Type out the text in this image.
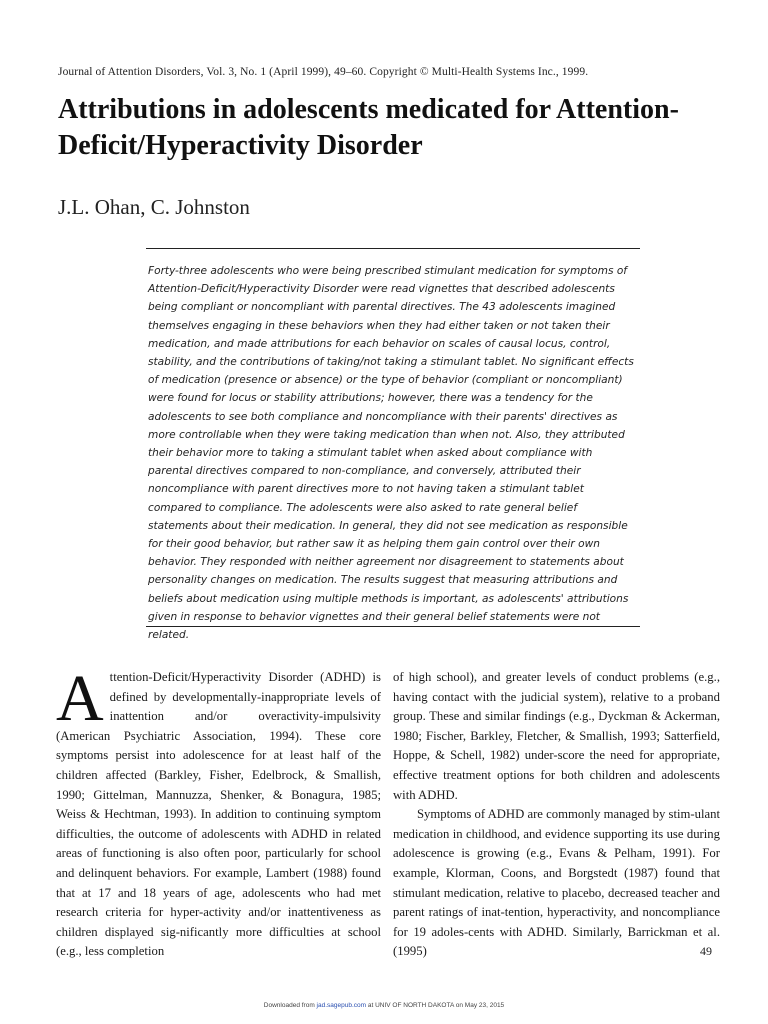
Journal of Attention Disorders, Vol. 3, No. 1 (April 1999), 49–60. Copyright © Multi-Health Systems Inc., 1999.
Attributions in adolescents medicated for Attention-Deficit/Hyperactivity Disorder
J.L. Ohan, C. Johnston

Forty-three adolescents who were being prescribed stimulant medication for symptoms of Attention-Deficit/Hyperactivity Disorder were read vignettes that described adolescents being compliant or noncompliant with parental directives. The 43 adolescents imagined themselves engaging in these behaviors when they had either taken or not taken their medication, and made attributions for each behavior on scales of causal locus, control, stability, and the contributions of taking/not taking a stimulant tablet. No significant effects of medication (presence or absence) or the type of behavior (compliant or noncompliant) were found for locus or stability attributions; however, there was a tendency for the adolescents to see both compliance and noncompliance with their parents' directives as more controllable when they were taking medication than when not. Also, they attributed their behavior more to taking a stimulant tablet when asked about compliance with parental directives compared to non-compliance, and conversely, attributed their noncompliance with parent directives more to not having taken a stimulant tablet compared to compliance. The adolescents were also asked to rate general belief statements about their medication. In general, they did not see medication as responsible for their good behavior, but rather saw it as helping them gain control over their own behavior. They responded with neither agreement nor disagreement to statements about personality changes on medication. The results suggest that measuring attributions and beliefs about medication using multiple methods is important, as adolescents' attributions given in response to behavior vignettes and their general belief statements were not related.

Attention-Deficit/Hyperactivity Disorder (ADHD) is defined by developmentally-inappropriate levels of inattention and/or overactivity-impulsivity (American Psychiatric Association, 1994). These core symptoms persist into adolescence for at least half of the children affected (Barkley, Fisher, Edelbrock, & Smallish, 1990; Gittelman, Mannuzza, Shenker, & Bonagura, 1985; Weiss & Hechtman, 1993). In addition to continuing symptom difficulties, the outcome of adolescents with ADHD in related areas of functioning is also often poor, particularly for school and delinquent behaviors. For example, Lambert (1988) found that at 17 and 18 years of age, adolescents who had met research criteria for hyper-activity and/or inattentiveness as children displayed sig-nificantly more difficulties at school (e.g., less completion

of high school), and greater levels of conduct problems (e.g., having contact with the judicial system), relative to a proband group. These and similar findings (e.g., Dyckman & Ackerman, 1980; Fischer, Barkley, Fletcher, & Smallish, 1993; Satterfield, Hoppe, & Schell, 1982) under-score the need for appropriate, effective treatment options for both children and adolescents with ADHD.

Symptoms of ADHD are commonly managed by stim-ulant medication in childhood, and evidence supporting its use during adolescence is growing (e.g., Evans & Pelham, 1991). For example, Klorman, Coons, and Borgstedt (1987) found that stimulant medication, relative to placebo, decreased teacher and parent ratings of inat-tention, hyperactivity, and noncompliance for 19 adoles-cents with ADHD. Similarly, Barrickman et al. (1995)	49
Downloaded from jad.sagepub.com at UNIV OF NORTH DAKOTA on May 23, 2015
